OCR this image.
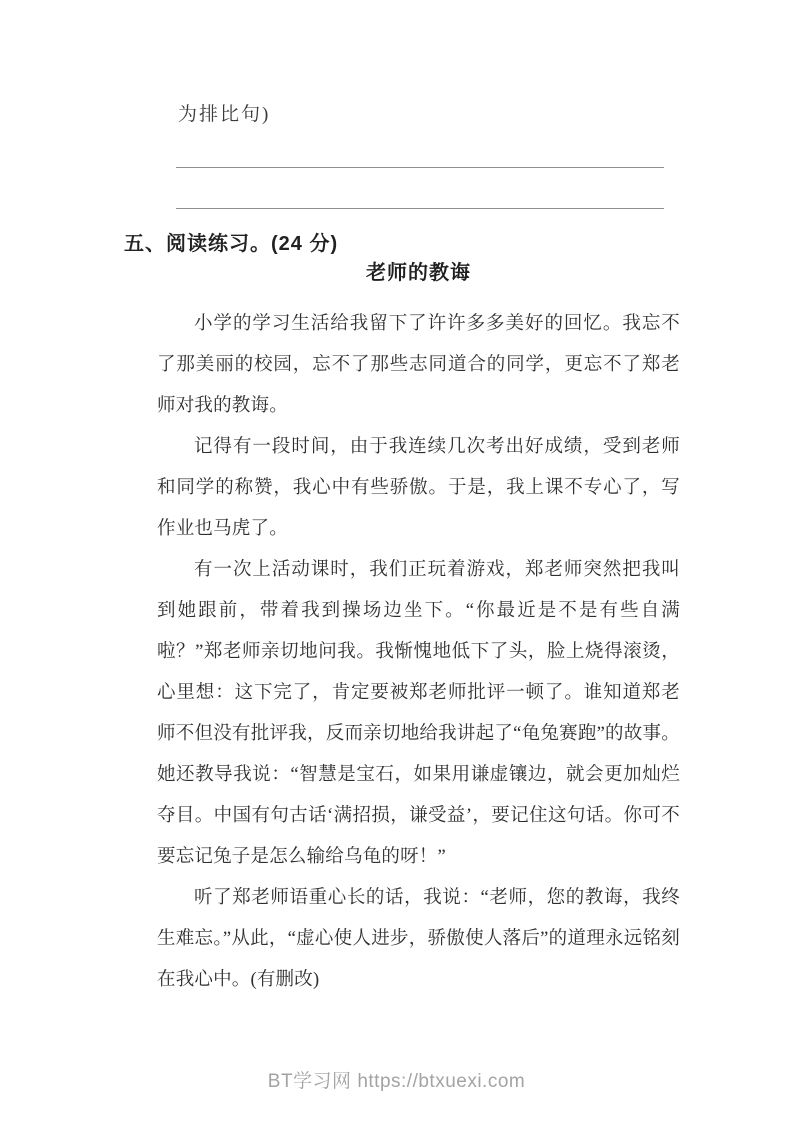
为排比句)
五、阅读练习。(24 分)
老师的教诲

小学的学习生活给我留下了许许多多美好的回忆。我忘不了那美丽的校园，忘不了那些志同道合的同学，更忘不了郑老师对我的教诲。

记得有一段时间，由于我连续几次考出好成绩，受到老师和同学的称赞，我心中有些骄傲。于是，我上课不专心了，写作业也马虎了。

有一次上活动课时，我们正玩着游戏，郑老师突然把我叫到她跟前，带着我到操场边坐下。“你最近是不是有些自满啦？”郑老师亲切地问我。我惭愧地低下了头，脸上烧得滚烫，心里想：这下完了，肯定要被郑老师批评一顿了。谁知道郑老师不但没有批评我，反而亲切地给我讲起了“龟兔赛跑”的故事。她还教导我说：“智慧是宝石，如果用谦虚镶边，就会更加灿烂夺目。中国有句古话‘满招损，谦受益’，要记住这句话。你可不要忘记兔子是怎么输给乌龟的呀！”

听了郑老师语重心长的话，我说：“老师，您的教诲，我终生难忘。”从此，“虚心使人进步，骄傲使人落后”的道理永远铭刻在我心中。(有删改)

BT学习网 https://btxuexi.com
